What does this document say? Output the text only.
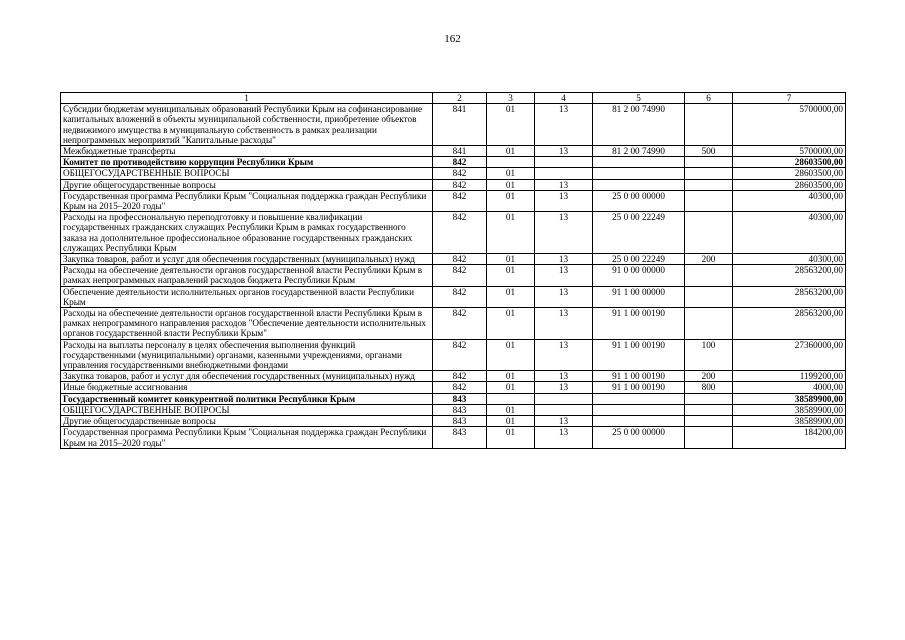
162
1	2	3	4	5	6	7
Субсидии бюджетам муниципальных образований Республики Крым на софинансирование капитальных вложений в объекты муниципальной собственности, приобретение объектов недвижимого имущества в муниципальную собственность в рамках реализации непрограммных мероприятий "Капитальные расходы"	841	01	13	81 2 00 74990		5700000,00
Межбюджетные трансферты	841	01	13	81 2 00 74990	500	5700000,00
Комитет по противодействию коррупции Республики Крым	842					28603500,00
ОБЩЕГОСУДАРСТВЕННЫЕ ВОПРОСЫ	842	01				28603500,00
Другие общегосударственные вопросы	842	01	13			28603500,00
Государственная программа Республики Крым "Социальная поддержка граждан Республики Крым на 2015–2020 годы"	842	01	13	25 0 00 00000		40300,00
Расходы на профессиональную переподготовку и повышение квалификации государственных гражданских служащих Республики Крым в рамках государственного заказа на дополнительное профессиональное образование государственных гражданских служащих Республики Крым	842	01	13	25 0 00 22249		40300,00
Закупка товаров, работ и услуг для обеспечения государственных (муниципальных) нужд	842	01	13	25 0 00 22249	200	40300,00
Расходы на обеспечение деятельности органов государственной власти Республики Крым в рамках непрограммных направлений расходов бюджета Республики Крым	842	01	13	91 0 00 00000		28563200,00
Обеспечение деятельности исполнительных органов государственной власти Республики Крым	842	01	13	91 1 00 00000		28563200,00
Расходы на обеспечение деятельности органов государственной власти Республики Крым в рамках непрограммного направления расходов "Обеспечение деятельности исполнительных органов государственной власти Республики Крым"	842	01	13	91 1 00 00190		28563200,00
Расходы на выплаты персоналу в целях обеспечения выполнения функций государственными (муниципальными) органами, казенными учреждениями, органами управления государственными внебюджетными фондами	842	01	13	91 1 00 00190	100	27360000,00
Закупка товаров, работ и услуг для обеспечения государственных (муниципальных) нужд	842	01	13	91 1 00 00190	200	1199200,00
Иные бюджетные ассигнования	842	01	13	91 1 00 00190	800	4000,00
Государственный комитет конкурентной политики Республики Крым	843					38589900,00
ОБЩЕГОСУДАРСТВЕННЫЕ ВОПРОСЫ	843	01				38589900,00
Другие общегосударственные вопросы	843	01	13			38589900,00
Государственная программа Республики Крым "Социальная поддержка граждан Республики Крым на 2015–2020 годы"	843	01	13	25 0 00 00000		184200,00
